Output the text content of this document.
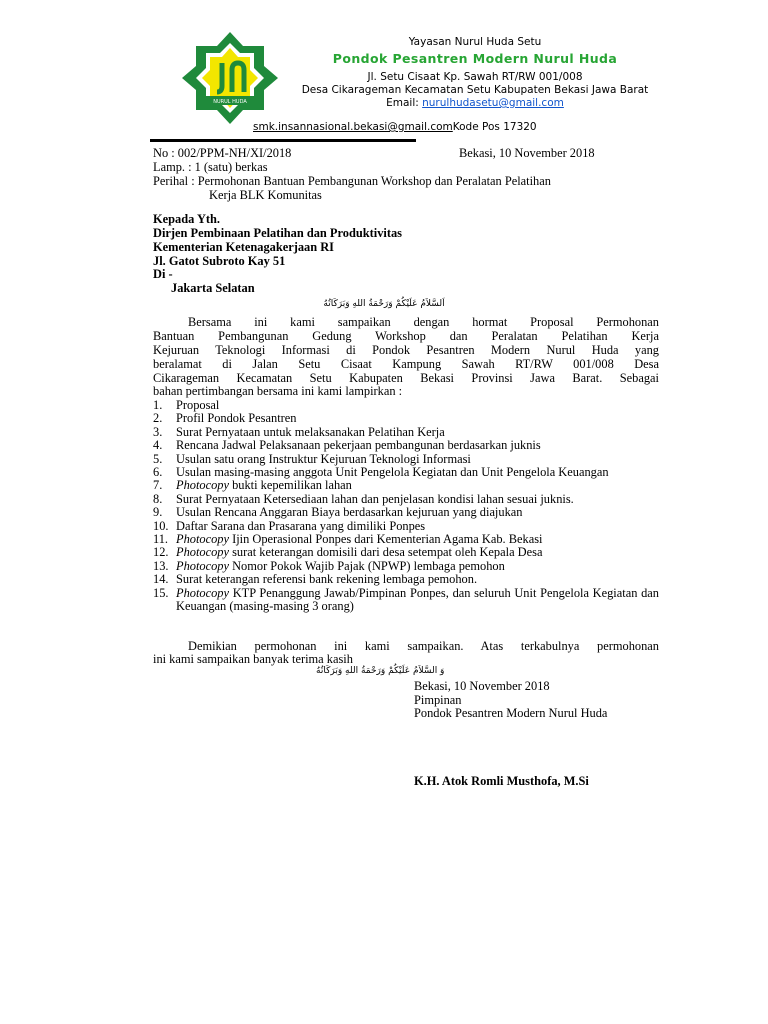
NURUL HUDA
Yayasan Nurul Huda Setu
Pondok Pesantren Modern Nurul Huda
Jl. Setu Cisaat Kp. Sawah RT/RW 001/008
Desa Cikarageman Kecamatan Setu Kabupaten Bekasi Jawa Barat
Email: nurulhudasetu@gmail.com
smk.insannasional.bekasi@gmail.comKode Pos 17320
No : 002/PPM-NH/XI/2018	Bekasi, 10 November 2018
Lamp. : 1 (satu) berkas
Perihal : Permohonan Bantuan Pembangunan Workshop dan Peralatan Pelatihan
Kerja BLK Komunitas
Kepada Yth.
Dirjen Pembinaan Pelatihan dan Produktivitas
Kementerian Ketenagakerjaan RI
Jl. Gatot Subroto Kay 51
Di -
Jakarta Selatan
اَلسَّلاَمُ عَلَيْكُمْ وَرَحْمَةُ اللهِ وَبَرَكَاتُهُ
Bersama ini kami sampaikan dengan hormat Proposal Permohonan
Bantuan Pembangunan Gedung Workshop dan Peralatan Pelatihan Kerja
Kejuruan Teknologi Informasi di Pondok Pesantren Modern Nurul Huda yang
beralamat di Jalan Setu Cisaat Kampung Sawah RT/RW 001/008 Desa
Cikarageman Kecamatan Setu Kabupaten Bekasi Provinsi Jawa Barat. Sebagai
bahan pertimbangan bersama ini kami lampirkan :
1. Proposal
2. Profil Pondok Pesantren
3. Surat Pernyataan untuk melaksanakan Pelatihan Kerja
4. Rencana Jadwal Pelaksanaan pekerjaan pembangunan berdasarkan juknis
5. Usulan satu orang Instruktur Kejuruan Teknologi Informasi
6. Usulan masing-masing anggota Unit Pengelola Kegiatan dan Unit Pengelola Keuangan
7. Photocopy bukti kepemilikan lahan
8. Surat Pernyataan Ketersediaan lahan dan penjelasan kondisi lahan sesuai juknis.
9. Usulan Rencana Anggaran Biaya berdasarkan kejuruan yang diajukan
10. Daftar Sarana dan Prasarana yang dimiliki Ponpes
11. Photocopy Ijin Operasional Ponpes dari Kementerian Agama Kab. Bekasi
12. Photocopy surat keterangan domisili dari desa setempat oleh Kepala Desa
13. Photocopy Nomor Pokok Wajib Pajak (NPWP) lembaga pemohon
14. Surat keterangan referensi bank rekening lembaga pemohon.
15. Photocopy KTP Penanggung Jawab/Pimpinan Ponpes, dan seluruh Unit Pengelola Kegiatan dan Keuangan (masing-masing 3 orang)
Demikian permohonan ini kami sampaikan. Atas terkabulnya permohonan
ini kami sampaikan banyak terima kasih
وَ السَّلاَمُ عَلَيْكُمْ وَرَحْمَةُ اللهِ وَبَرَكَاتُهُ
Bekasi, 10 November 2018
Pimpinan
Pondok Pesantren Modern Nurul Huda
K.H. Atok Romli Musthofa, M.Si
